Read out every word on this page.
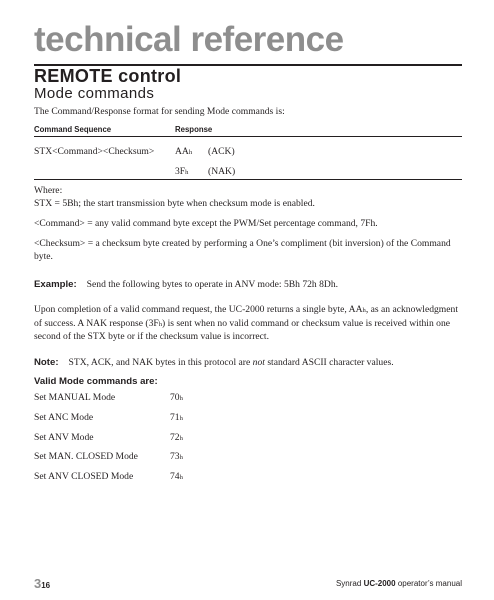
technical reference
REMOTE control
Mode commands
The Command/Response format for sending Mode commands is:
Command Sequence	Response
STX<Command><Checksum> AAh (ACK)
3Fh (NAK)
Where:
STX = 5Bh; the start transmission byte when checksum mode is enabled.
<Command> = any valid command byte except the PWM/Set percentage command, 7Fh.
<Checksum> = a checksum byte created by performing a One’s compliment (bit inversion) of the Command byte.
Example: Send the following bytes to operate in ANV mode: 5Bh 72h 8Dh.
Upon completion of a valid command request, the UC-2000 returns a single byte, AAh, as an acknowledgment of success. A NAK response (3Fh) is sent when no valid command or checksum value is received within one second of the STX byte or if the checksum value is incorrect.
Note: STX, ACK, and NAK bytes in this protocol are not standard ASCII character values.
Valid Mode commands are:
Set MANUAL Mode	70h
Set ANC Mode	71h
Set ANV Mode	72h
Set MAN. CLOSED Mode	73h
Set ANV CLOSED Mode	74h
316	Synrad UC-2000 operator’s manual
